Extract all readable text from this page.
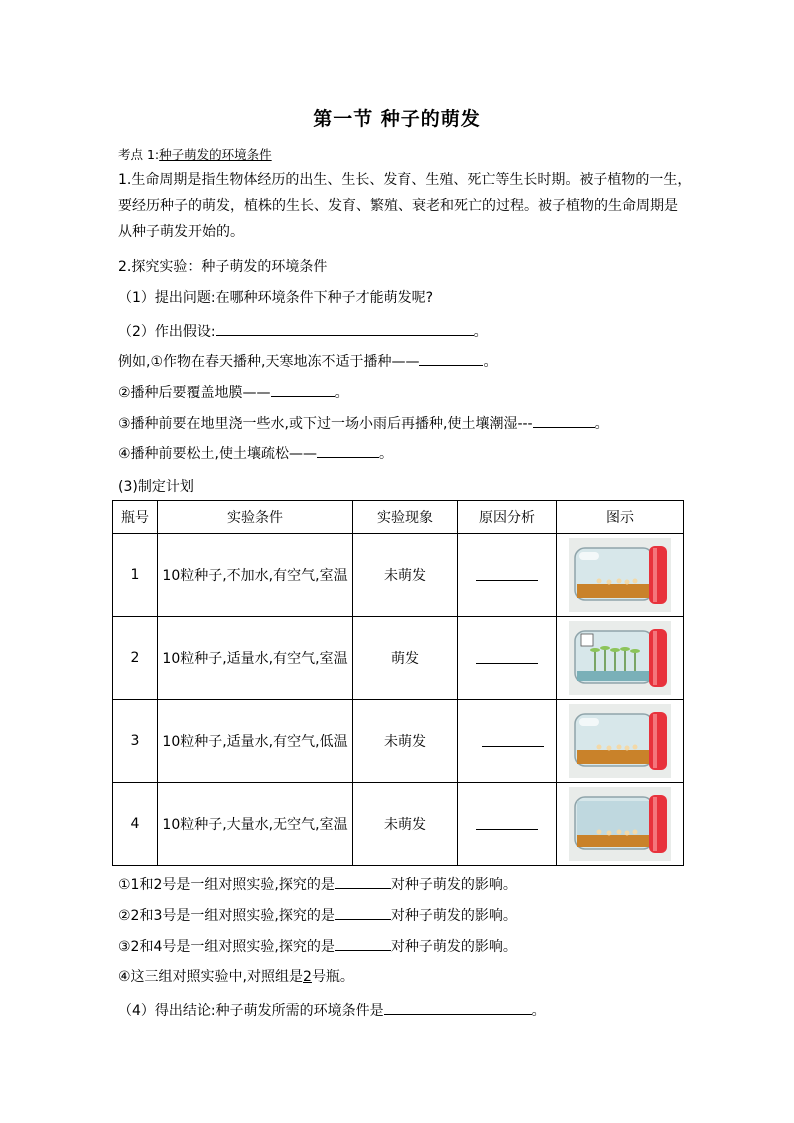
第一节 种子的萌发
考点 1:种子萌发的环境条件
1.生命周期是指生物体经历的出生、生长、发育、生殖、死亡等生长时期。被子植物的一生，
要经历种子的萌发，植株的生长、发育、繁殖、衰老和死亡的过程。被子植物的生命周期是
从种子萌发开始的。
2.探究实验：种子萌发的环境条件
（1）提出问题:在哪种环境条件下种子才能萌发呢?
（2）作出假设:	。
例如,①作物在春天播种,天寒地冻不适于播种——	。
②播种后要覆盖地膜——	。
③播种前要在地里浇一些水,或下过一场小雨后再播种,使土壤潮湿---	。
④播种前要松土,使土壤疏松——	。
(3)制定计划
瓶号	实验条件	实验现象	原因分析	图示
1	10粒种子,不加水,有空气,室温	未萌发		

2	10粒种子,适量水,有空气,室温	萌发		

3	10粒种子,适量水,有空气,低温	未萌发		

4	10粒种子,大量水,无空气,室温	未萌发		
①1和2号是一组对照实验,探究的是	对种子萌发的影响。
②2和3号是一组对照实验,探究的是	对种子萌发的影响。
③2和4号是一组对照实验,探究的是	对种子萌发的影响。
④这三组对照实验中,对照组是2号瓶。
（4）得出结论:种子萌发所需的环境条件是	。
